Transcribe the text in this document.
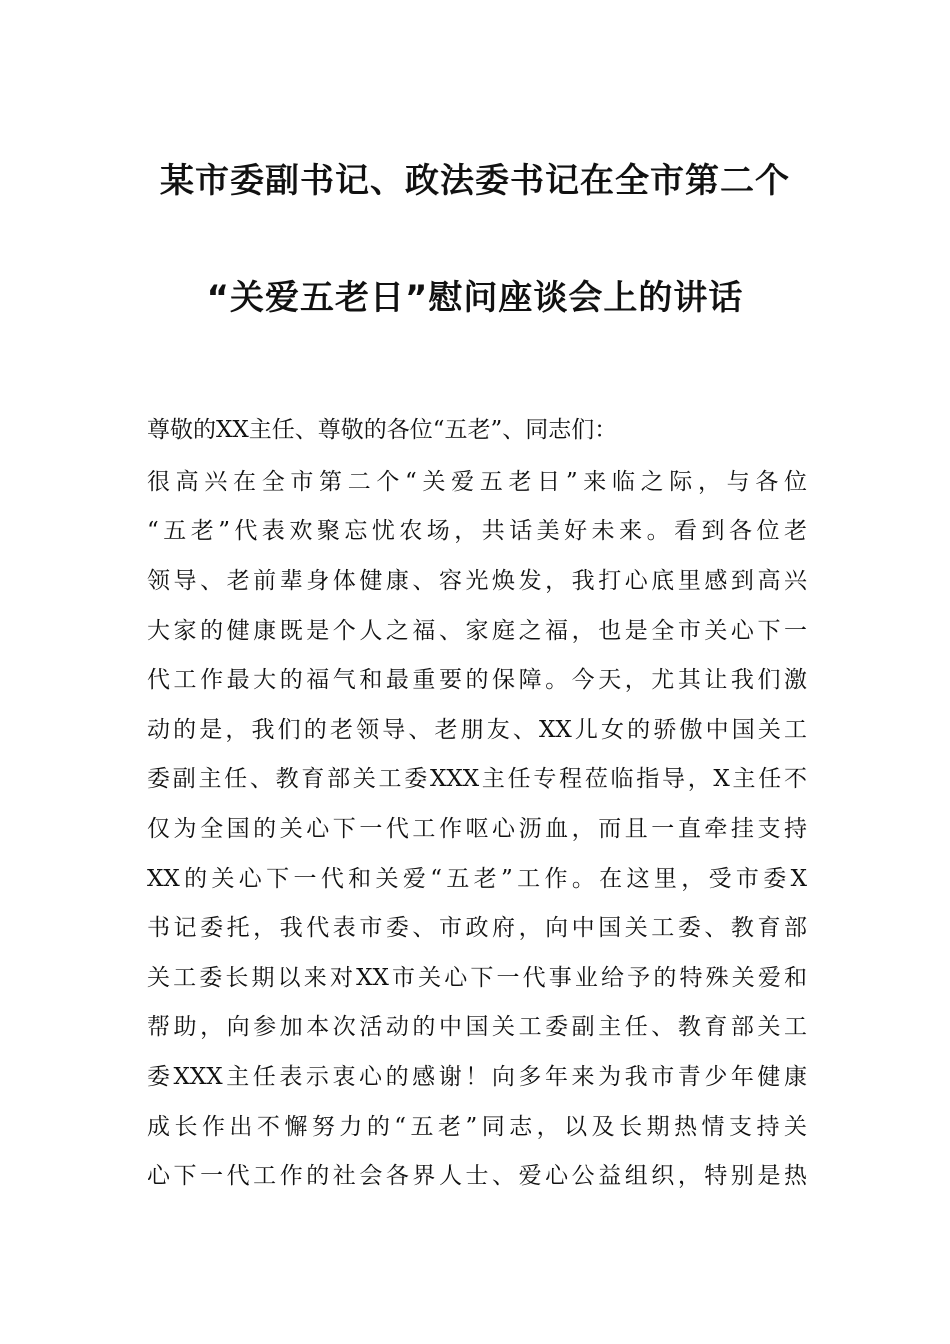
某市委副书记、政法委书记在全市第二个
“关爱五老日”慰问座谈会上的讲话
尊敬的XX主任、尊敬的各位“五老”、同志们：
很高兴在全市第二个“关爱五老日”来临之际，与各位
“五老”代表欢聚忘忧农场，共话美好未来。看到各位老
领导、老前辈身体健康、容光焕发，我打心底里感到高兴
大家的健康既是个人之福、家庭之福，也是全市关心下一
代工作最大的福气和最重要的保障。今天，尤其让我们激
动的是，我们的老领导、老朋友、XX儿女的骄傲中国关工
委副主任、教育部关工委XXX主任专程莅临指导，X主任不
仅为全国的关心下一代工作呕心沥血，而且一直牵挂支持
XX的关心下一代和关爱“五老”工作。在这里，受市委X
书记委托，我代表市委、市政府，向中国关工委、教育部
关工委长期以来对XX市关心下一代事业给予的特殊关爱和
帮助，向参加本次活动的中国关工委副主任、教育部关工
委XXX主任表示衷心的感谢！向多年来为我市青少年健康
成长作出不懈努力的“五老”同志，以及长期热情支持关
心下一代工作的社会各界人士、爱心公益组织，特别是热
